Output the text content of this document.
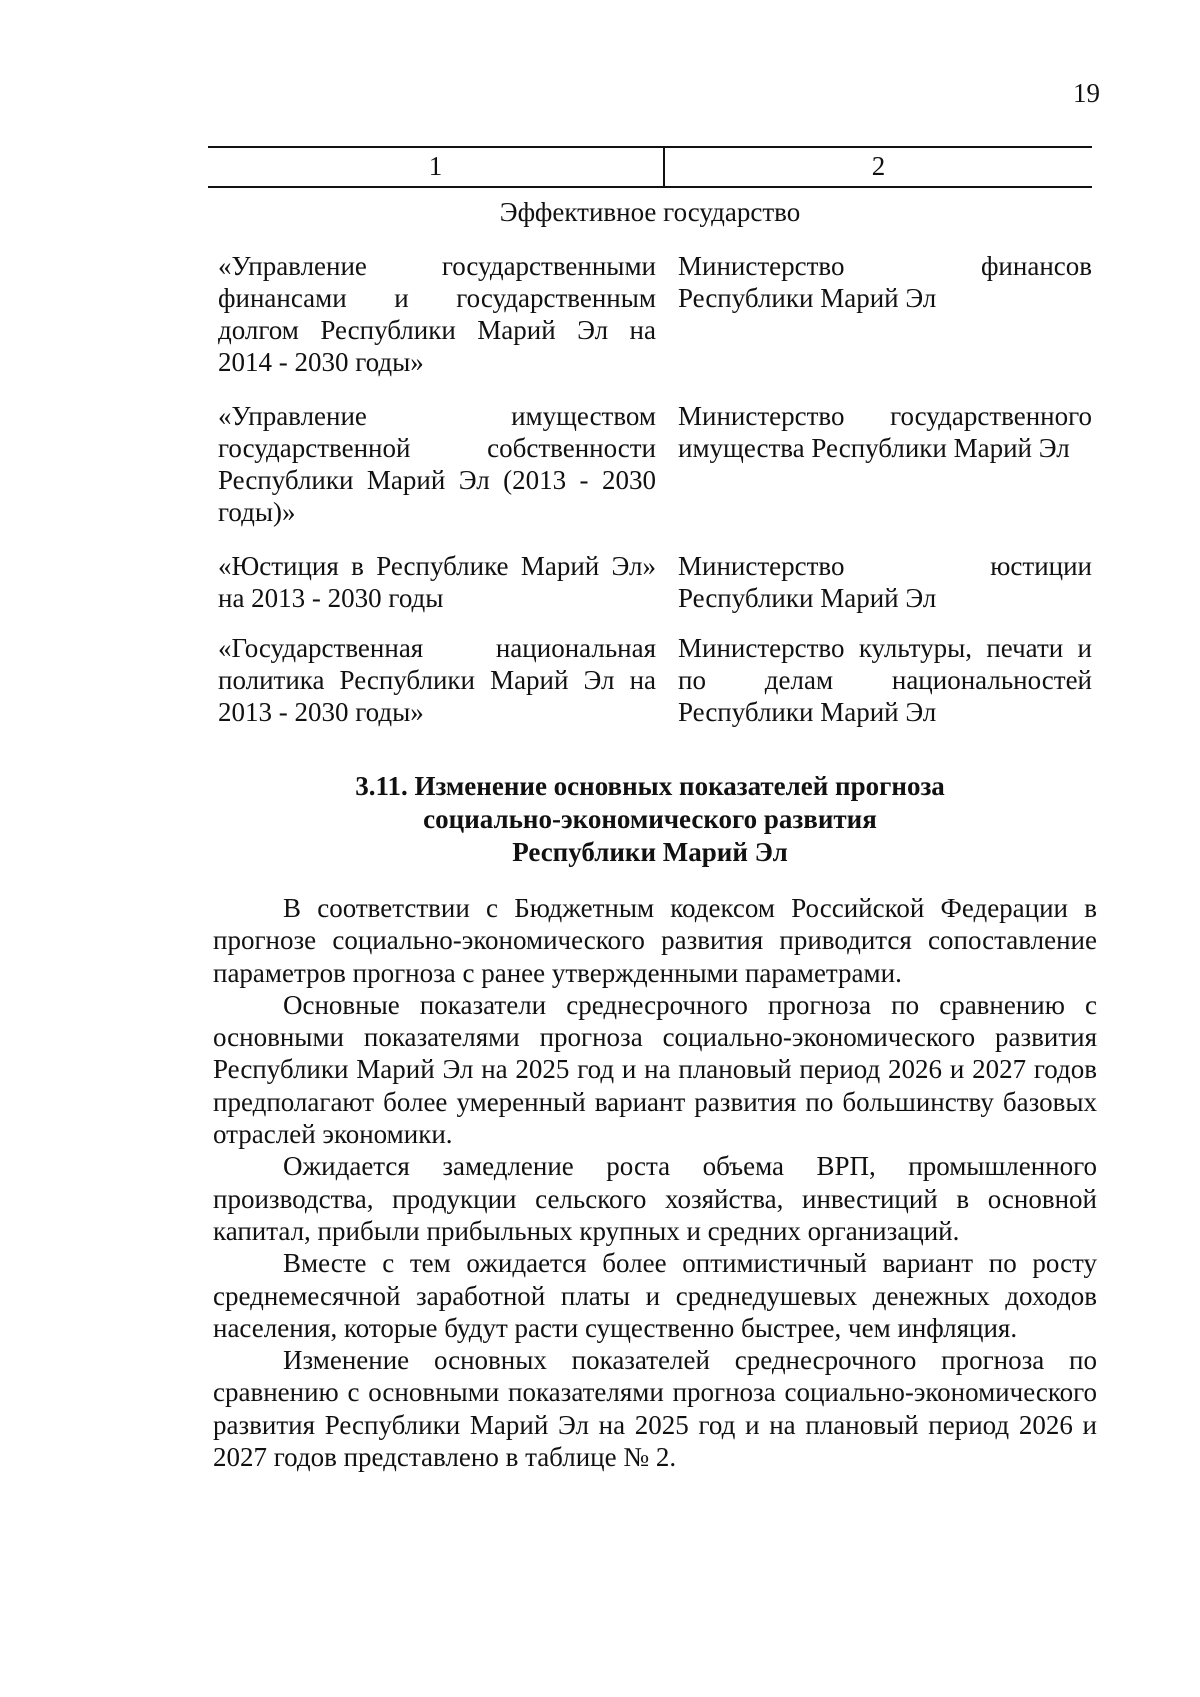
19
1	2
Эффективное государство
«Управление государственными финансами и государственным долгом Республики Марий Эл на 2014 - 2030 годы»
Министерство финансов Республики Марий Эл
«Управление имуществом государственной собственности Республики Марий Эл (2013 - 2030 годы)»
Министерство государственного имущества Республики Марий Эл
«Юстиция в Республике Марий Эл» на 2013 - 2030 годы
Министерство юстиции Республики Марий Эл
«Государственная национальная политика Республики Марий Эл на 2013 - 2030 годы»
Министерство культуры, печати и по делам национальностей Республики Марий Эл
3.11. Изменение основных показателей прогноза
социально-экономического развития
Республики Марий Эл

В соответствии с Бюджетным кодексом Российской Федерации в прогнозе социально-экономического развития приводится сопоставление параметров прогноза с ранее утвержденными параметрами.

Основные показатели среднесрочного прогноза по сравнению с основными показателями прогноза социально-экономического развития Республики Марий Эл на 2025 год и на плановый период 2026 и 2027 годов предполагают более умеренный вариант развития по большинству базовых отраслей экономики.

Ожидается замедление роста объема ВРП, промышленного производства, продукции сельского хозяйства, инвестиций в основной капитал, прибыли прибыльных крупных и средних организаций.

Вместе с тем ожидается более оптимистичный вариант по росту среднемесячной заработной платы и среднедушевых денежных доходов населения, которые будут расти существенно быстрее, чем инфляция.

Изменение основных показателей среднесрочного прогноза по сравнению с основными показателями прогноза социально-экономического развития Республики Марий Эл на 2025 год и на плановый период 2026 и 2027 годов представлено в таблице № 2.
